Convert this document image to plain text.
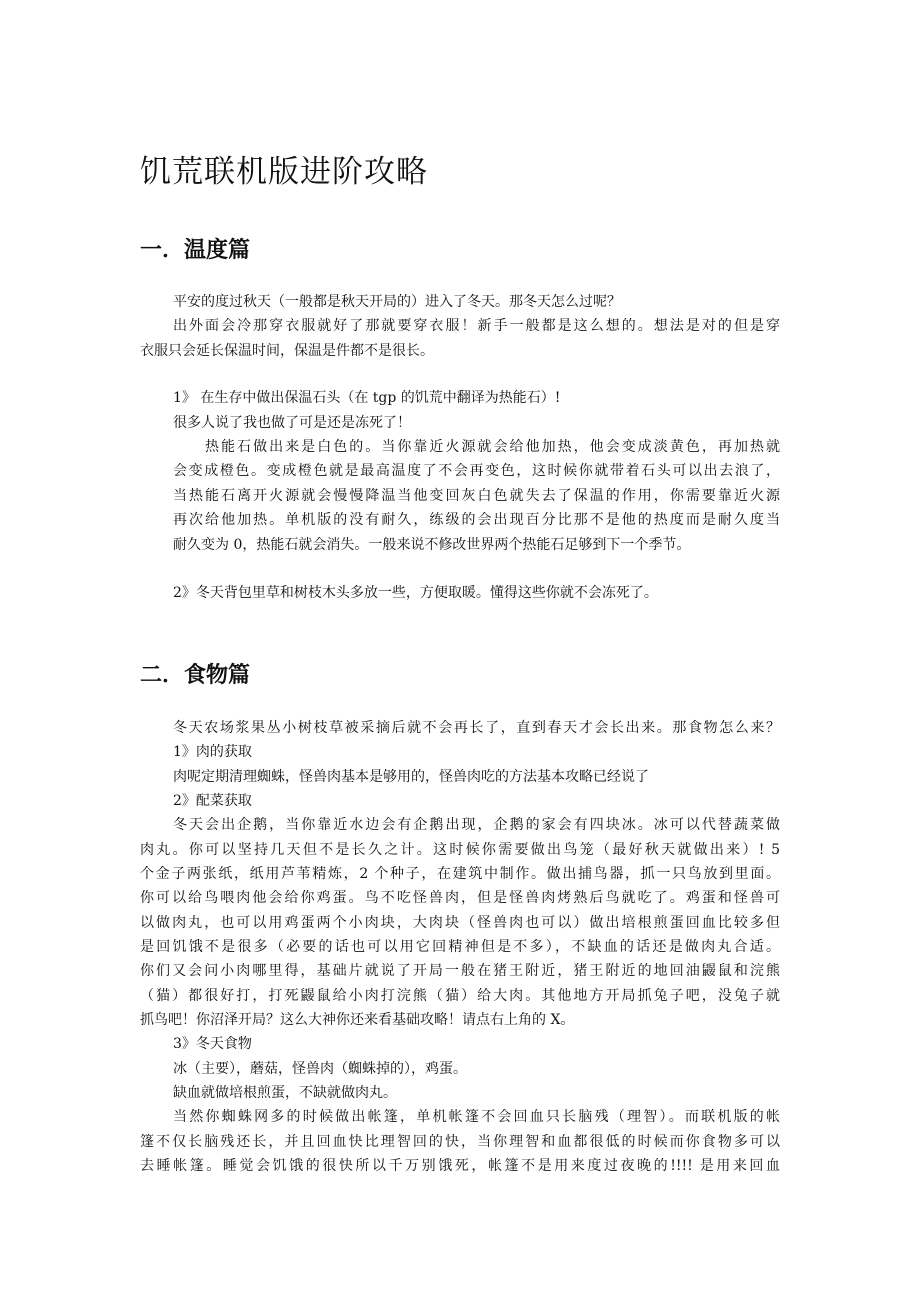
饥荒联机版进阶攻略
一．温度篇
平安的度过秋天（一般都是秋天开局的）进入了冬天。那冬天怎么过呢？
出外面会冷那穿衣服就好了那就要穿衣服！新手一般都是这么想的。想法是对的但是穿
衣服只会延长保温时间，保温是件都不是很长。
1》 在生存中做出保温石头（在 tgp 的饥荒中翻译为热能石）!
很多人说了我也做了可是还是冻死了！
热能石做出来是白色的。当你靠近火源就会给他加热，他会变成淡黄色，再加热就
会变成橙色。变成橙色就是最高温度了不会再变色，这时候你就带着石头可以出去浪了，
当热能石离开火源就会慢慢降温当他变回灰白色就失去了保温的作用，你需要靠近火源
再次给他加热。单机版的没有耐久，练级的会出现百分比那不是他的热度而是耐久度当
耐久变为 0，热能石就会消失。一般来说不修改世界两个热能石足够到下一个季节。
2》冬天背包里草和树枝木头多放一些，方便取暖。懂得这些你就不会冻死了。
二．食物篇
冬天农场浆果丛小树枝草被采摘后就不会再长了，直到春天才会长出来。那食物怎么来？
1》肉的获取
肉呢定期清理蜘蛛，怪兽肉基本是够用的，怪兽肉吃的方法基本攻略已经说了
2》配菜获取
冬天会出企鹅，当你靠近水边会有企鹅出现，企鹅的家会有四块冰。冰可以代替蔬菜做
肉丸。你可以坚持几天但不是长久之计。这时候你需要做出鸟笼（最好秋天就做出来）! 5
个金子两张纸，纸用芦苇精炼，2 个种子，在建筑中制作。做出捕鸟器，抓一只鸟放到里面。
你可以给鸟喂肉他会给你鸡蛋。鸟不吃怪兽肉，但是怪兽肉烤熟后鸟就吃了。鸡蛋和怪兽可
以做肉丸，也可以用鸡蛋两个小肉块，大肉块（怪兽肉也可以）做出培根煎蛋回血比较多但
是回饥饿不是很多（必要的话也可以用它回精神但是不多），不缺血的话还是做肉丸合适。
你们又会问小肉哪里得，基础片就说了开局一般在猪王附近，猪王附近的地回油鼹鼠和浣熊
（猫）都很好打，打死鼹鼠给小肉打浣熊（猫）给大肉。其他地方开局抓兔子吧，没兔子就
抓鸟吧！你沼泽开局？这么大神你还来看基础攻略！请点右上角的 X。
3》冬天食物
冰（主要），蘑菇，怪兽肉（蜘蛛掉的），鸡蛋。
缺血就做培根煎蛋，不缺就做肉丸。
当然你蜘蛛网多的时候做出帐篷，单机帐篷不会回血只长脑残（理智）。而联机版的帐
篷不仅长脑残还长，并且回血快比理智回的快，当你理智和血都很低的时候而你食物多可以
去睡帐篷。睡觉会饥饿的很快所以千万别饿死，帐篷不是用来度过夜晚的!!!! 是用来回血
